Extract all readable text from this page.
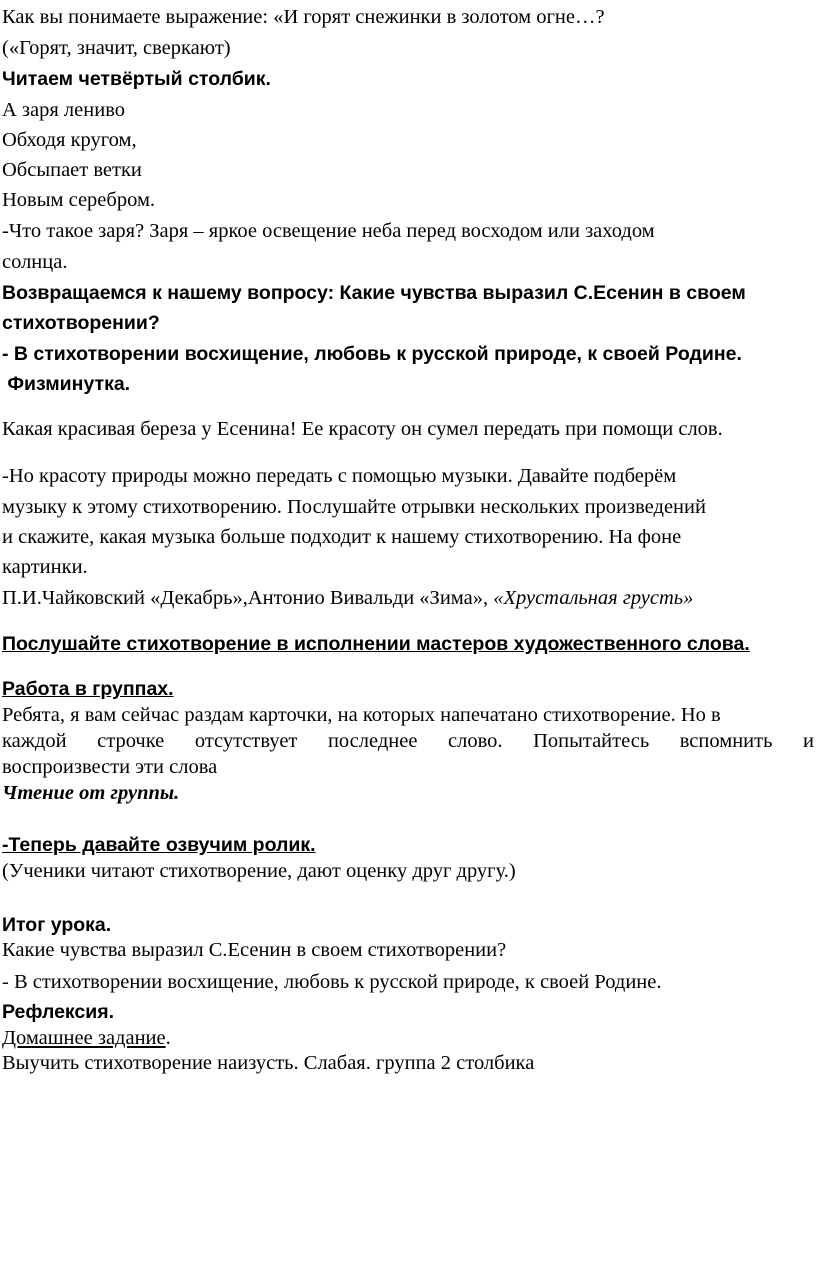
Как вы понимаете выражение: «И горят снежинки в золотом огне…?
(«Горят, значит, сверкают)
Читаем четвёртый столбик.
А заря лениво
Обходя кругом,
Обсыпает ветки
Новым серебром.
-Что такое заря? Заря – яркое освещение неба перед восходом или заходом
солнца.
Возвращаемся к нашему вопросу: Какие чувства выразил С.Есенин в своем
стихотворении?
- В стихотворении восхищение, любовь к русской природе, к своей Родине.
Физминутка.
Какая красивая береза у Есенина! Ее красоту он сумел передать при помощи слов.
-Но красоту природы можно передать с помощью музыки. Давайте подберём
музыку к этому стихотворению. Послушайте отрывки нескольких произведений
и скажите, какая музыка больше подходит к нашему стихотворению. На фоне
картинки.
П.И.Чайковский «Декабрь»,Антонио Вивальди «Зима», «Хрустальная грусть»
Послушайте стихотворение в исполнении мастеров художественного слова.
Работа в группах.
Ребята, я вам сейчас раздам карточки, на которых напечатано стихотворение. Но в
каждой строчке отсутствует последнее слово. Попытайтесь вспомнить и
воспроизвести эти слова
Чтение от группы.
-Теперь давайте озвучим ролик.
(Ученики читают стихотворение, дают оценку друг другу.)
Итог урока.
Какие чувства выразил С.Есенин в своем стихотворении?
- В стихотворении восхищение, любовь к русской природе, к своей Родине.
Рефлексия.
Домашнее задание.
Выучить стихотворение наизусть. Слабая. группа 2 столбика
